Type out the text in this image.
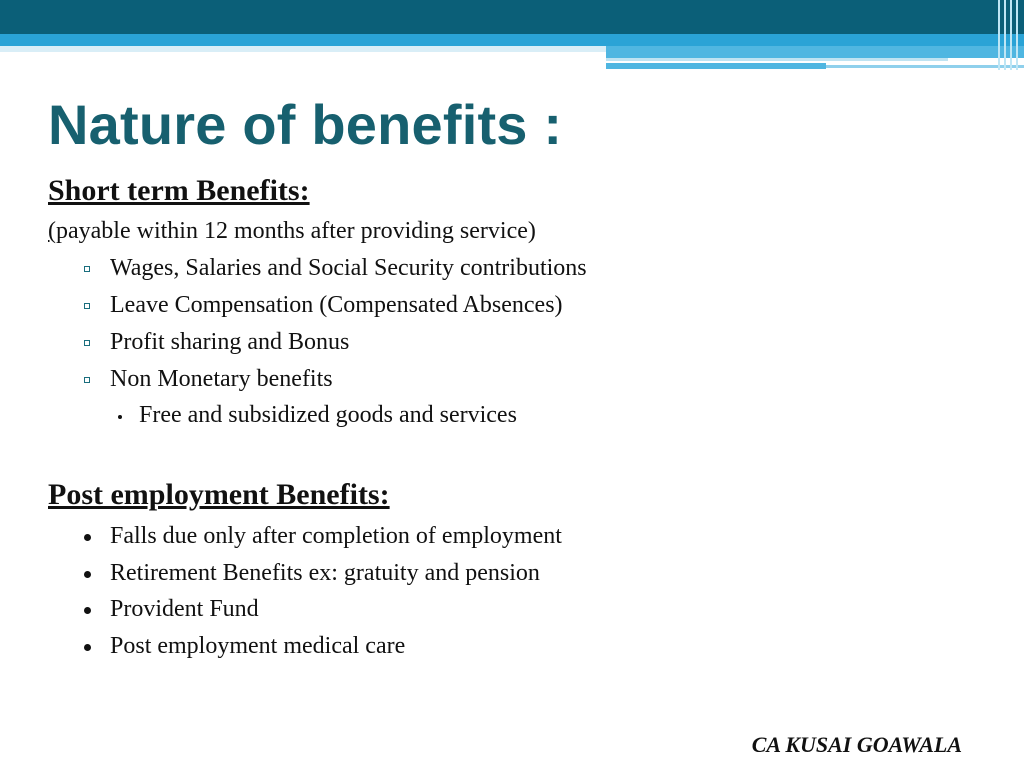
Nature of benefits :
Short term Benefits:
(payable within 12 months after providing service)
Wages, Salaries and Social Security contributions
Leave Compensation (Compensated Absences)
Profit sharing and Bonus
Non Monetary benefits
Free and subsidized goods and services
Post employment Benefits:
Falls due only after completion of employment
Retirement Benefits ex: gratuity and pension
Provident Fund
Post employment medical care
CA KUSAI GOAWALA
